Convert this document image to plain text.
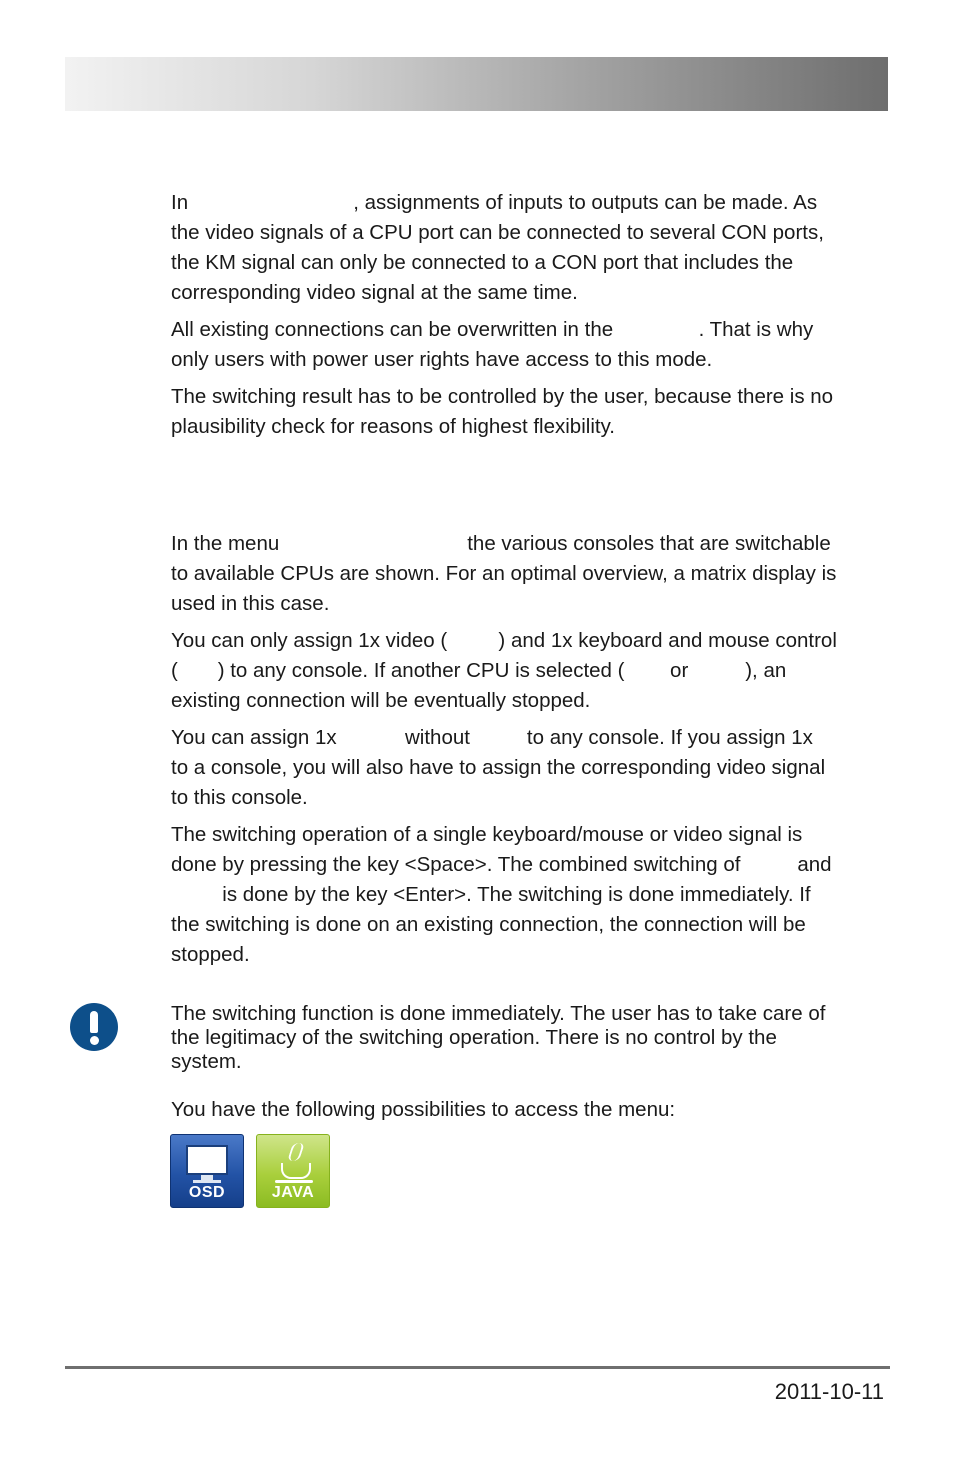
In                             , assignments of inputs to outputs can be made. As
the video signals of a CPU port can be connected to several CON ports,
the KM signal can only be connected to a CON port that includes the
corresponding video signal at the same time.

All existing connections can be overwritten in the               . That is why
only users with power user rights have access to this mode.

The switching result has to be controlled by the user, because there is no
plausibility check for reasons of highest flexibility.

In the menu                                 the various consoles that are switchable
to available CPUs are shown. For an optimal overview, a matrix display is
used in this case.

You can only assign 1x video (         ) and 1x keyboard and mouse control
(       ) to any console. If another CPU is selected (        or          ), an
existing connection will be eventually stopped.

You can assign 1x            without          to any console. If you assign 1x
to a console, you will also have to assign the corresponding video signal
to this console.

The switching operation of a single keyboard/mouse or video signal is
done by pressing the key <Space>. The combined switching of          and
is done by the key <Enter>. The switching is done immediately. If
the switching is done on an existing connection, the connection will be
stopped.

The switching function is done immediately. The user has to take care of
the legitimacy of the switching operation. There is no control by the
system.

You have the following possibilities to access the menu:

OSD	JAVA
2011-10-11
